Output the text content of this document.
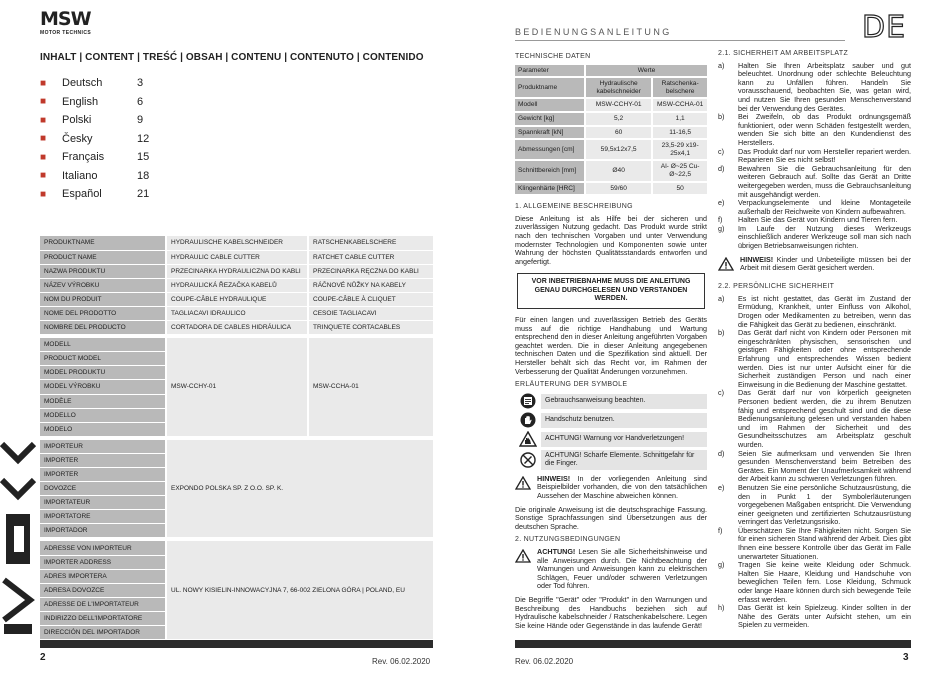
MSW
MOTOR TECHNICS
INHALT | CONTENT | TREŚĆ | OBSAH | CONTENU | CONTENUTO | CONTENIDO
■	Deutsch	3
■	English	6
■	Polski	9
■	Česky	12
■	Français	15
■	Italiano	18
■	Español	21
PRODUKTNAME	HYDRAULISCHE KABELSCHNEIDER	RATSCHENKABELSCHERE
PRODUCT NAME	HYDRAULIC CABLE CUTTER	RATCHET CABLE CUTTER
NAZWA PRODUKTU	PRZECINARKA HYDRAULICZNA DO KABLI	PRZECINARKA RĘCZNA DO KABLI
NÁZEV VÝROBKU	HYDRAULICKÁ ŘEZAČKA KABELŮ	RÁČNOVÉ NŮŽKY NA KABELY
NOM DU PRODUIT	COUPE-CÂBLE HYDRAULIQUE	COUPE-CÂBLE À CLIQUET
NOME DEL PRODOTTO	TAGLIACAVI IDRAULICO	CESOIE TAGLIACAVI
NOMBRE DEL PRODUCTO	CORTADORA DE CABLES HIDRÁULICA	TRINQUETE CORTACABLES

MODELL	MSW-CCHY-01	MSW-CCHA-01
PRODUCT MODEL		
MODEL PRODUKTU		
MODEL VÝROBKU		
MODÈLE		
MODELLO		
MODELO		

IMPORTEUR	EXPONDO POLSKA SP. Z O.O. SP. K.	
IMPORTER		
IMPORTER		
DOVOZCE		
IMPORTATEUR		
IMPORTATORE		
IMPORTADOR		

ADRESSE VON IMPORTEUR	UL. NOWY KISIELIN-INNOWACYJNA 7, 66-002 ZIELONA GÓRA | POLAND, EU	
IMPORTER ADDRESS		
ADRES IMPORTERA		
ADRESA DOVOZCE		
ADRESSE DE L'IMPORTATEUR		
INDIRIZZO DELL'IMPORTATORE		
DIRECCIÓN DEL IMPORTADOR		
2	Rev. 06.02.2020
BEDIENUNGSANLEITUNG	DE
TECHNISCHE DATEN
Parameter	Werte	
Produktname	Hydraulische kabelschneider	Ratschenka-belschere
Modell	MSW-CCHY-01	MSW-CCHA-01
Gewicht [kg]	5,2	1,1
Spannkraft [kN]	60	11-16,5
Abmessungen [cm]	59,5x12x7,5	23,5-29 x19-25x4,1
Schnittbereich [mm]	Ø40	Al- Ø~25 Cu- Ø~22,5
Klingenhärte [HRC]	59/60	50
1. ALLGEMEINE BESCHREIBUNG
Diese Anleitung ist als Hilfe bei der sicheren und zuverlässigen Nutzung gedacht. Das Produkt wurde strikt nach den technischen Vorgaben und unter Verwendung modernster Technologien und Komponenten sowie unter Wahrung der höchsten Qualitätsstandards entworfen und angefertigt.
VOR INBETRIEBNAHME MUSS DIE ANLEITUNG GENAU DURCHGELESEN UND VERSTANDEN WERDEN.
Für einen langen und zuverlässigen Betrieb des Geräts muss auf die richtige Handhabung und Wartung entsprechend den in dieser Anleitung angeführten Vorgaben geachtet werden. Die in dieser Anleitung angegebenen technischen Daten und die Spezifikation sind aktuell. Der Hersteller behält sich das Recht vor, im Rahmen der Verbesserung der Qualität Änderungen vorzunehmen.
ERLÄUTERUNG DER SYMBOLE
Gebrauchsanweisung beachten.
Handschutz benutzen.
ACHTUNG! Warnung vor Handverletzungen!
ACHTUNG! Scharfe Elemente. Schnittgefahr für die Finger.
HINWEIS! In der vorliegenden Anleitung sind Beispielbilder vorhanden, die von den tatsächlichen Aussehen der Maschine abweichen können.
Die originale Anweisung ist die deutschsprachige Fassung. Sonstige Sprachfassungen sind Übersetzungen aus der deutschen Sprache.
2. NUTZUNGSBEDINGUNGEN
ACHTUNG! Lesen Sie alle Sicherheitshinweise und alle Anweisungen durch. Die Nichtbeachtung der Warnungen und Anweisungen kann zu elektrischen Schlägen, Feuer und/oder schweren Verletzungen oder Tod führen.
Die Begriffe "Gerät" oder "Produkt" in den Warnungen und Beschreibung des Handbuchs beziehen sich auf Hydraulische kabelschneider / Ratschenkabelschere. Legen Sie keine Hände oder Gegenstände in das laufende Gerät!
2.1. SICHERHEIT AM ARBEITSPLATZ
a)	Halten Sie Ihren Arbeitsplatz sauber und gut beleuchtet. Unordnung oder schlechte Beleuchtung kann zu Unfällen führen. Handeln Sie vorausschauend, beobachten Sie, was getan wird, und nutzen Sie Ihren gesunden Menschenverstand bei der Verwendung des Gerätes.
b)	Bei Zweifeln, ob das Produkt ordnungsgemäß funktioniert, oder wenn Schäden festgestellt werden, wenden Sie sich bitte an den Kundendienst des Herstellers.
c)	Das Produkt darf nur vom Hersteller repariert werden. Reparieren Sie es nicht selbst!
d)	Bewahren Sie die Gebrauchsanleitung für den weiteren Gebrauch auf. Sollte das Gerät an Dritte weitergegeben werden, muss die Gebrauchsanleitung mit ausgehändigt werden.
e)	Verpackungselemente und kleine Montageteile außerhalb der Reichweite von Kindern aufbewahren.
f)	Halten Sie das Gerät von Kindern und Tieren fern.
g)	Im Laufe der Nutzung dieses Werkzeugs einschließlich anderer Werkzeuge soll man sich nach übrigen Betriebsanweisungen richten.
HINWEIS! Kinder und Unbeteiligte müssen bei der Arbeit mit diesem Gerät gesichert werden.
2.2. PERSÖNLICHE SICHERHEIT
a)	Es ist nicht gestattet, das Gerät im Zustand der Ermüdung, Krankheit, unter Einfluss von Alkohol, Drogen oder Medikamenten zu betreiben, wenn das die Fähigkeit das Gerät zu bedienen, einschränkt.
b)	Das Gerät darf nicht von Kindern oder Personen mit eingeschränkten physischen, sensorischen und geistigen Fähigkeiten oder ohne entsprechende Erfahrung und entsprechendes Wissen bedient werden. Dies ist nur unter Aufsicht einer für die Sicherheit zuständigen Person und nach einer Einweisung in die Bedienung der Maschine gestattet.
c)	Das Gerät darf nur von körperlich geeigneten Personen bedient werden, die zu ihrem Benutzen fähig und entsprechend geschult sind und die diese Bedienungsanleitung gelesen und verstanden haben und im Rahmen der Sicherheit und des Gesundheitsschutzes am Arbeitsplatz geschult wurden.
d)	Seien Sie aufmerksam und verwenden Sie Ihren gesunden Menschenverstand beim Betreiben des Gerätes. Ein Moment der Unaufmerksamkeit während der Arbeit kann zu schweren Verletzungen führen.
e)	Benutzen Sie eine persönliche Schutzausrüstung, die den in Punkt 1 der Symbolerläuterungen vorgegebenen Maßgaben entspricht. Die Verwendung einer geeigneten und zertifizierten Schutzausrüstung verringert das Verletzungsrisiko.
f)	Überschätzen Sie Ihre Fähigkeiten nicht. Sorgen Sie für einen sicheren Stand während der Arbeit. Dies gibt Ihnen eine bessere Kontrolle über das Gerät im Falle unerwarteter Situationen.
g)	Tragen Sie keine weite Kleidung oder Schmuck. Halten Sie Haare, Kleidung und Handschuhe von beweglichen Teilen fern. Lose Kleidung, Schmuck oder lange Haare können durch sich bewegende Teile erfasst werden.
h)	Das Gerät ist kein Spielzeug. Kinder sollten in der Nähe des Geräts unter Aufsicht stehen, um ein Spielen zu vermeiden.
3
Rev. 06.02.2020
